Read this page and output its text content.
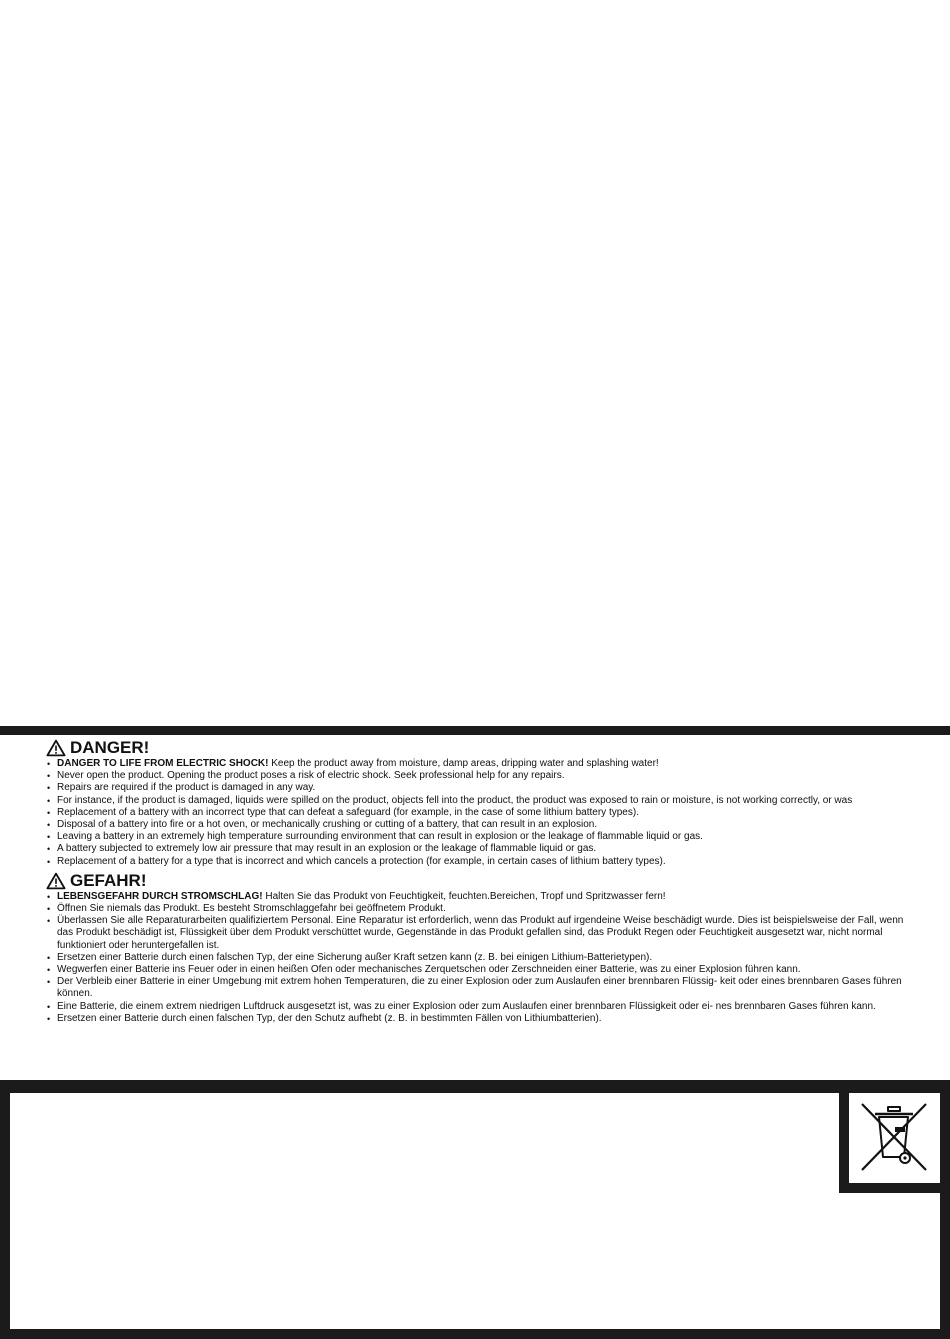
DANGER!
• DANGER TO LIFE FROM ELECTRIC SHOCK! Keep the product away from moisture, damp areas, dripping water and splashing water!
• Never open the product. Opening the product poses a risk of electric shock. Seek professional help for any repairs.
• Repairs are required if the product is damaged in any way.
• For instance, if the product is damaged, liquids were spilled on the product, objects fell into the product, the product was exposed to rain or moisture, is not working correctly, or was
• Replacement of a battery with an incorrect type that can defeat a safeguard (for example, in the case of some lithium battery types).
• Disposal of a battery into fire or a hot oven, or mechanically crushing or cutting of a battery, that can result in an explosion.
• Leaving a battery in an extremely high temperature surrounding environment that can result in explosion or the leakage of flammable liquid or gas.
• A battery subjected to extremely low air pressure that may result in an explosion or the leakage of flammable liquid or gas.
• Replacement of a battery for a type that is incorrect and which cancels a protection (for example, in certain cases of lithium battery types).
GEFAHR!
• LEBENSGEFAHR DURCH STROMSCHLAG! Halten Sie das Produkt von Feuchtigkeit, feuchten.Bereichen, Tropf und Spritzwasser fern!
• Öffnen Sie niemals das Produkt. Es besteht Stromschlaggefahr bei geöffnetem Produkt.
• Überlassen Sie alle Reparaturarbeiten qualifiziertem Personal. Eine Reparatur ist erforderlich, wenn das Produkt auf irgendeine Weise beschädigt wurde. Dies ist beispielsweise der Fall, wenn das Produkt beschädigt ist, Flüssigkeit über dem Produkt verschüttet wurde, Gegenstände in das Produkt gefallen sind, das Produkt Regen oder Feuchtigkeit ausgesetzt war, nicht normal funktioniert oder heruntergefallen ist.
• Ersetzen einer Batterie durch einen falschen Typ, der eine Sicherung außer Kraft setzen kann (z. B. bei einigen Lithium-Batterietypen).
• Wegwerfen einer Batterie ins Feuer oder in einen heißen Ofen oder mechanisches Zerquetschen oder Zerschneiden einer Batterie, was zu einer Explosion führen kann.
• Der Verbleib einer Batterie in einer Umgebung mit extrem hohen Temperaturen, die zu einer Explosion oder zum Auslaufen einer brennbaren Flüssig- keit oder eines brennbaren Gases führen können.
• Eine Batterie, die einem extrem niedrigen Luftdruck ausgesetzt ist, was zu einer Explosion oder zum Auslaufen einer brennbaren Flüssigkeit oder ei- nes brennbaren Gases führen kann.
• Ersetzen einer Batterie durch einen falschen Typ, der den Schutz aufhebt (z. B. in bestimmten Fällen von Lithiumbatterien).
